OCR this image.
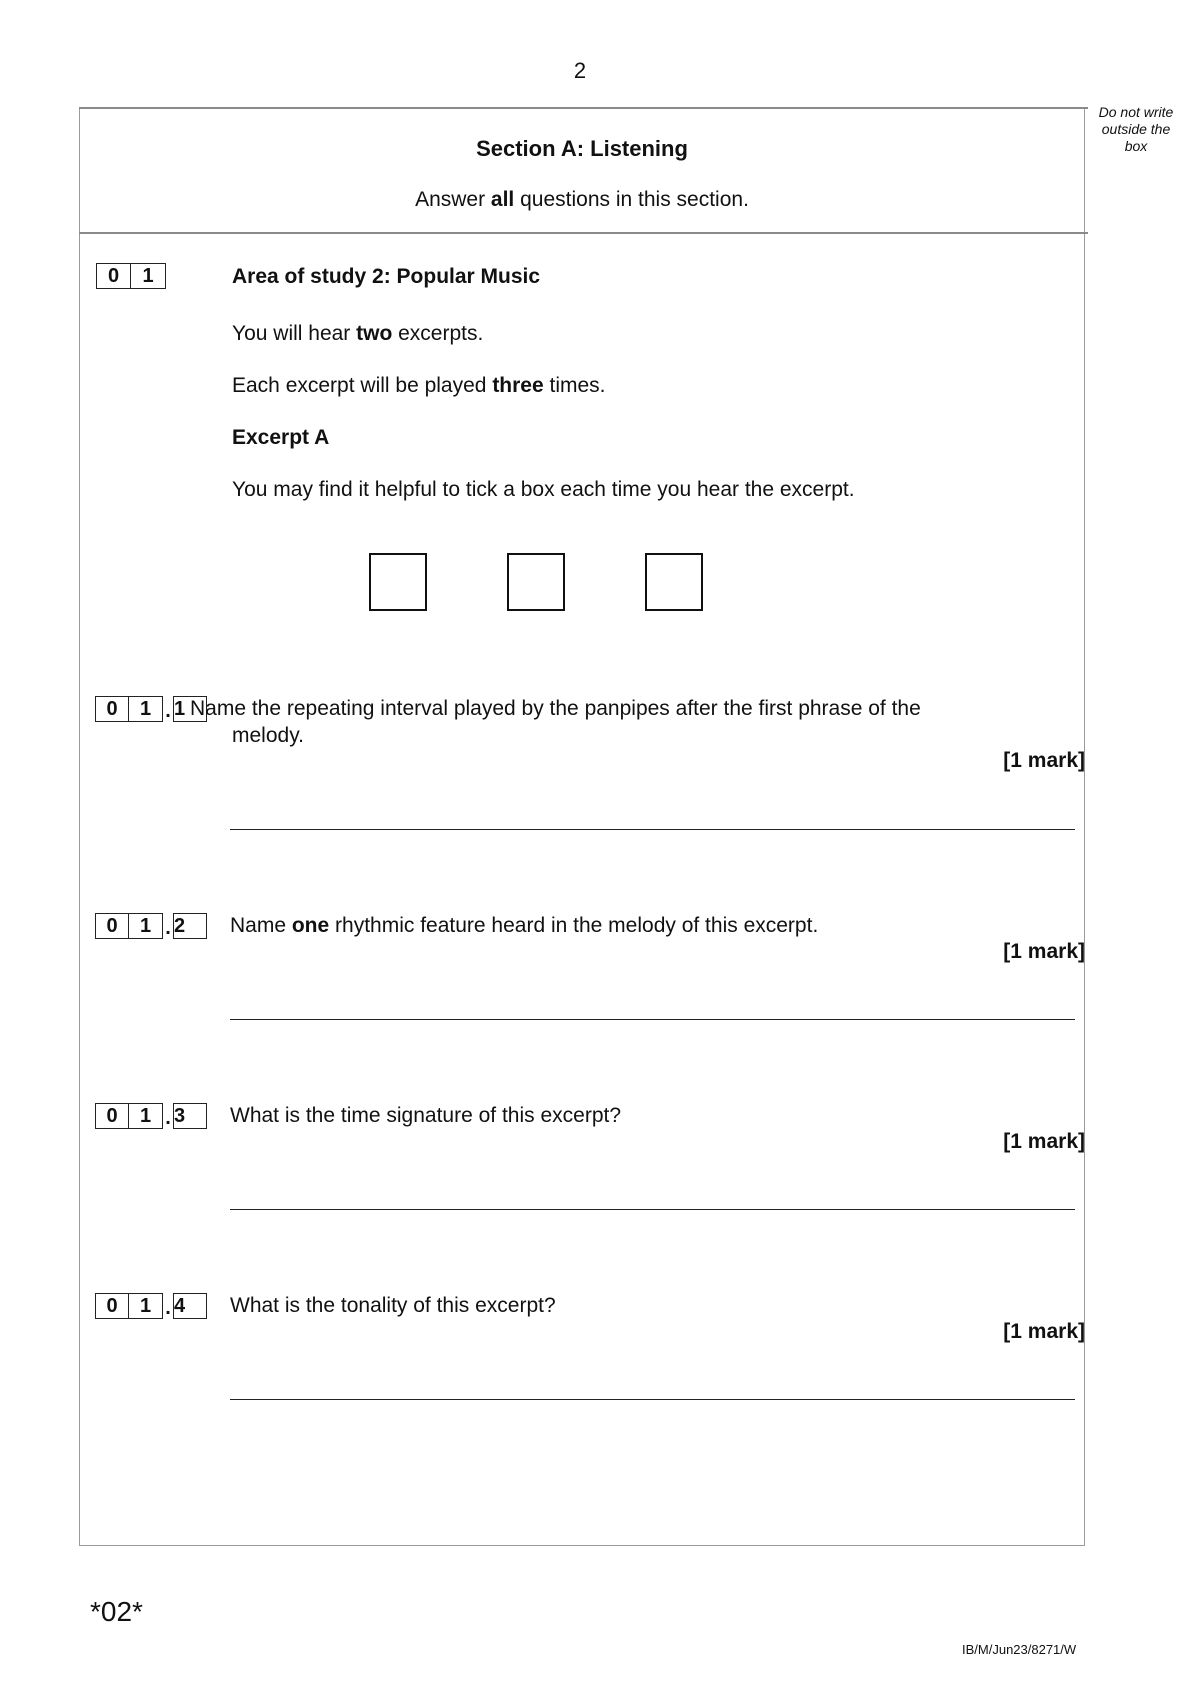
2
Do not write outside the box
Section A: Listening
Answer all questions in this section.
0	1	Area of study 2: Popular Music
You will hear two excerpts.
Each excerpt will be played three times.
Excerpt A
You may find it helpful to tick a box each time you hear the excerpt.
0	1 . 1 Name the repeating interval played by the panpipes after the first phrase of the
melody.
[1 mark]
0	1 . 2	Name one rhythmic feature heard in the melody of this excerpt.
[1 mark]
0	1 . 3	What is the time signature of this excerpt?
[1 mark]
0	1 . 4	What is the tonality of this excerpt?
[1 mark]
*02*
IB/M/Jun23/8271/W
